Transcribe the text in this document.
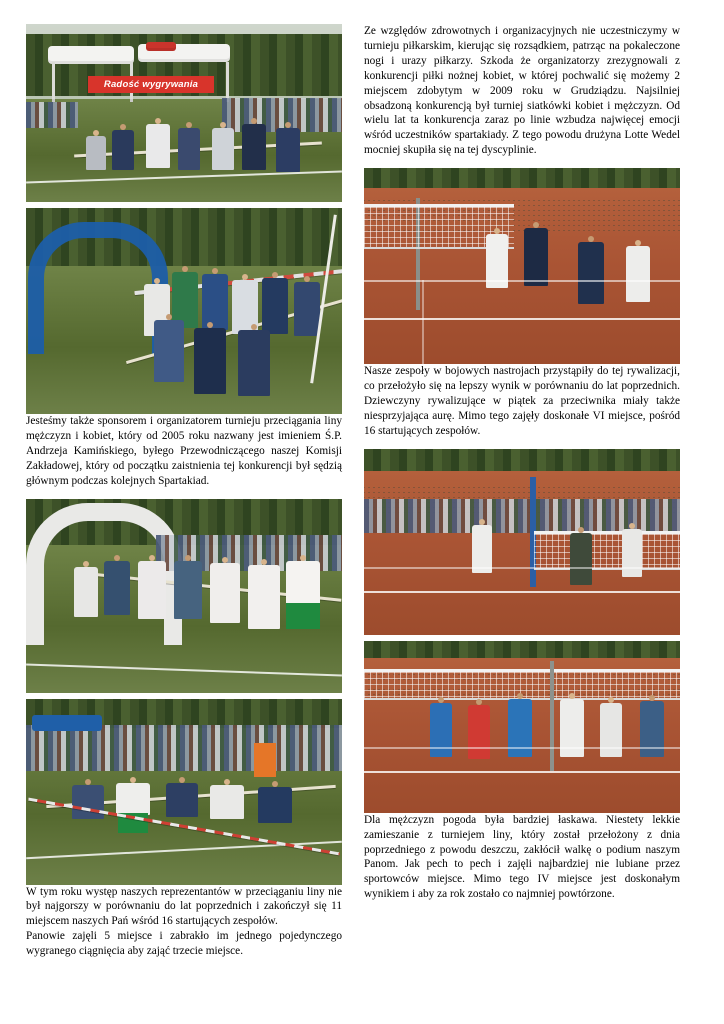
Radość wygrywania

Jesteśmy także sponsorem i organizatorem turnieju przeciągania liny mężczyzn i kobiet, który od 2005 roku nazwany jest imieniem Ś.P. Andrzeja Kamińskiego, byłego Przewodniczącego naszej Komisji Zakładowej, który od początku zaistnienia tej konkurencji był sędzią głównym podczas kolejnych Spartakiad.

W tym roku występ naszych reprezentantów w przeciąganiu liny nie był najgorszy w porównaniu do lat poprzednich i zakończył się 11 miejscem naszych Pań wśród 16 startujących zespołów.

Panowie zajęli 5 miejsce i zabrakło im jednego pojedynczego wygranego ciągnięcia aby zająć trzecie miejsce.

Ze względów zdrowotnych i organizacyjnych nie uczestniczymy w turnieju piłkarskim, kierując się rozsądkiem, patrząc na pokaleczone nogi i urazy piłkarzy. Szkoda że organizatorzy zrezygnowali z konkurencji piłki nożnej kobiet, w której pochwalić się możemy 2 miejscem zdobytym w 2009 roku w Grudziądzu. Najsilniej obsadzoną konkurencją był turniej siatkówki kobiet i mężczyzn. Od wielu lat ta konkurencja zaraz po linie wzbudza najwięcej emocji wśród uczestników spartakiady. Z tego powodu drużyna Lotte Wedel mocniej skupiła się na tej dyscyplinie.

Nasze zespoły w bojowych nastrojach przystąpiły do tej rywalizacji, co przełożyło się na lepszy wynik w porównaniu do lat poprzednich. Dziewczyny rywalizujące w piątek za przeciwnika miały także niesprzyjająca aurę. Mimo tego zajęły doskonałe VI miejsce, pośród 16 startujących zespołów.

Dla mężczyzn pogoda była bardziej łaskawa. Niestety lekkie zamieszanie z turniejem liny, który został przełożony z dnia poprzedniego z powodu deszczu, zakłócił walkę o podium naszym Panom. Jak pech to pech i zajęli najbardziej nie lubiane przez sportowców miejsce. Mimo tego IV miejsce jest doskonałym wynikiem i aby za rok zostało co najmniej powtórzone.
